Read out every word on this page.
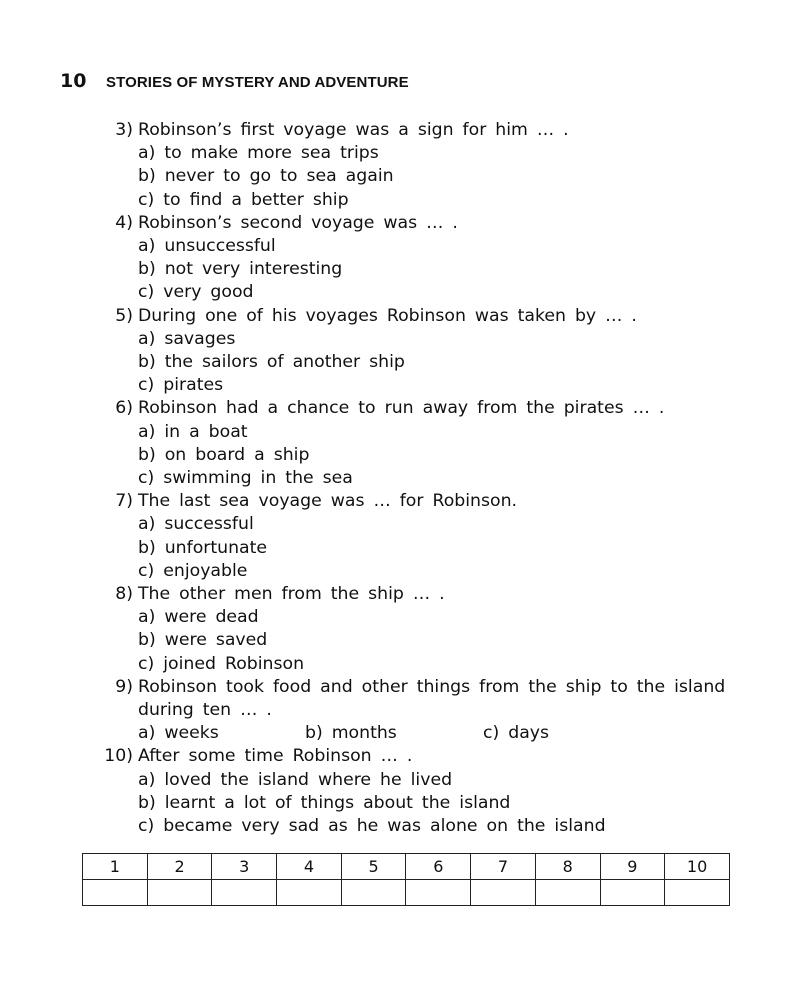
10	STORIES OF MYSTERY AND ADVENTURE
3) Robinson’s first voyage was a sign for him … .
a) to make more sea trips
b) never to go to sea again
c) to find a better ship
4) Robinson’s second voyage was … .
a) unsuccessful
b) not very interesting
c) very good
5) During one of his voyages Robinson was taken by … .
a) savages
b) the sailors of another ship
c) pirates
6) Robinson had a chance to run away from the pirates … .
a) in a boat
b) on board a ship
c) swimming in the sea
7) The last sea voyage was … for Robinson.
a) successful
b) unfortunate
c) enjoyable
8) The other men from the ship … .
a) were dead
b) were saved
c) joined Robinson
9) Robinson took food and other things from the ship to the island during ten … .
a) weeks	b) months	c) days
10) After some time Robinson … .
a) loved the island where he lived
b) learnt a lot of things about the island
c) became very sad as he was alone on the island
1	2	3	4	5	6	7	8	9	10
